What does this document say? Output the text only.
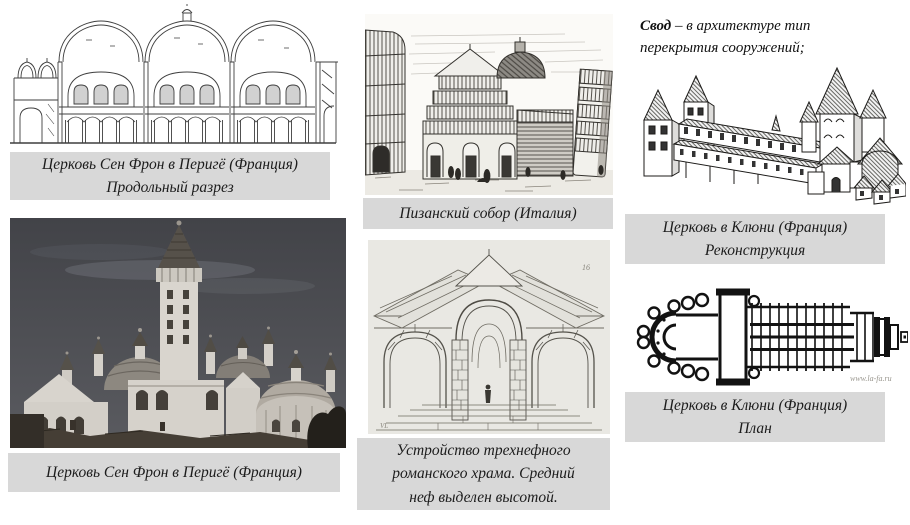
Церковь Сен Фрон в Перигё (Франция)
Продольный разрез
Пизанский собор (Италия)
Свод – в архитектуре тип
перекрытия сооружений;
Церковь в Клюни (Франция)
Реконструкция
Церковь Сен Фрон в Перигё (Франция)
16
VL
Устройство трехнефного
романского храма. Средний
неф выделен высотой.
www.la-fa.ru
Церковь в Клюни (Франция)
План
